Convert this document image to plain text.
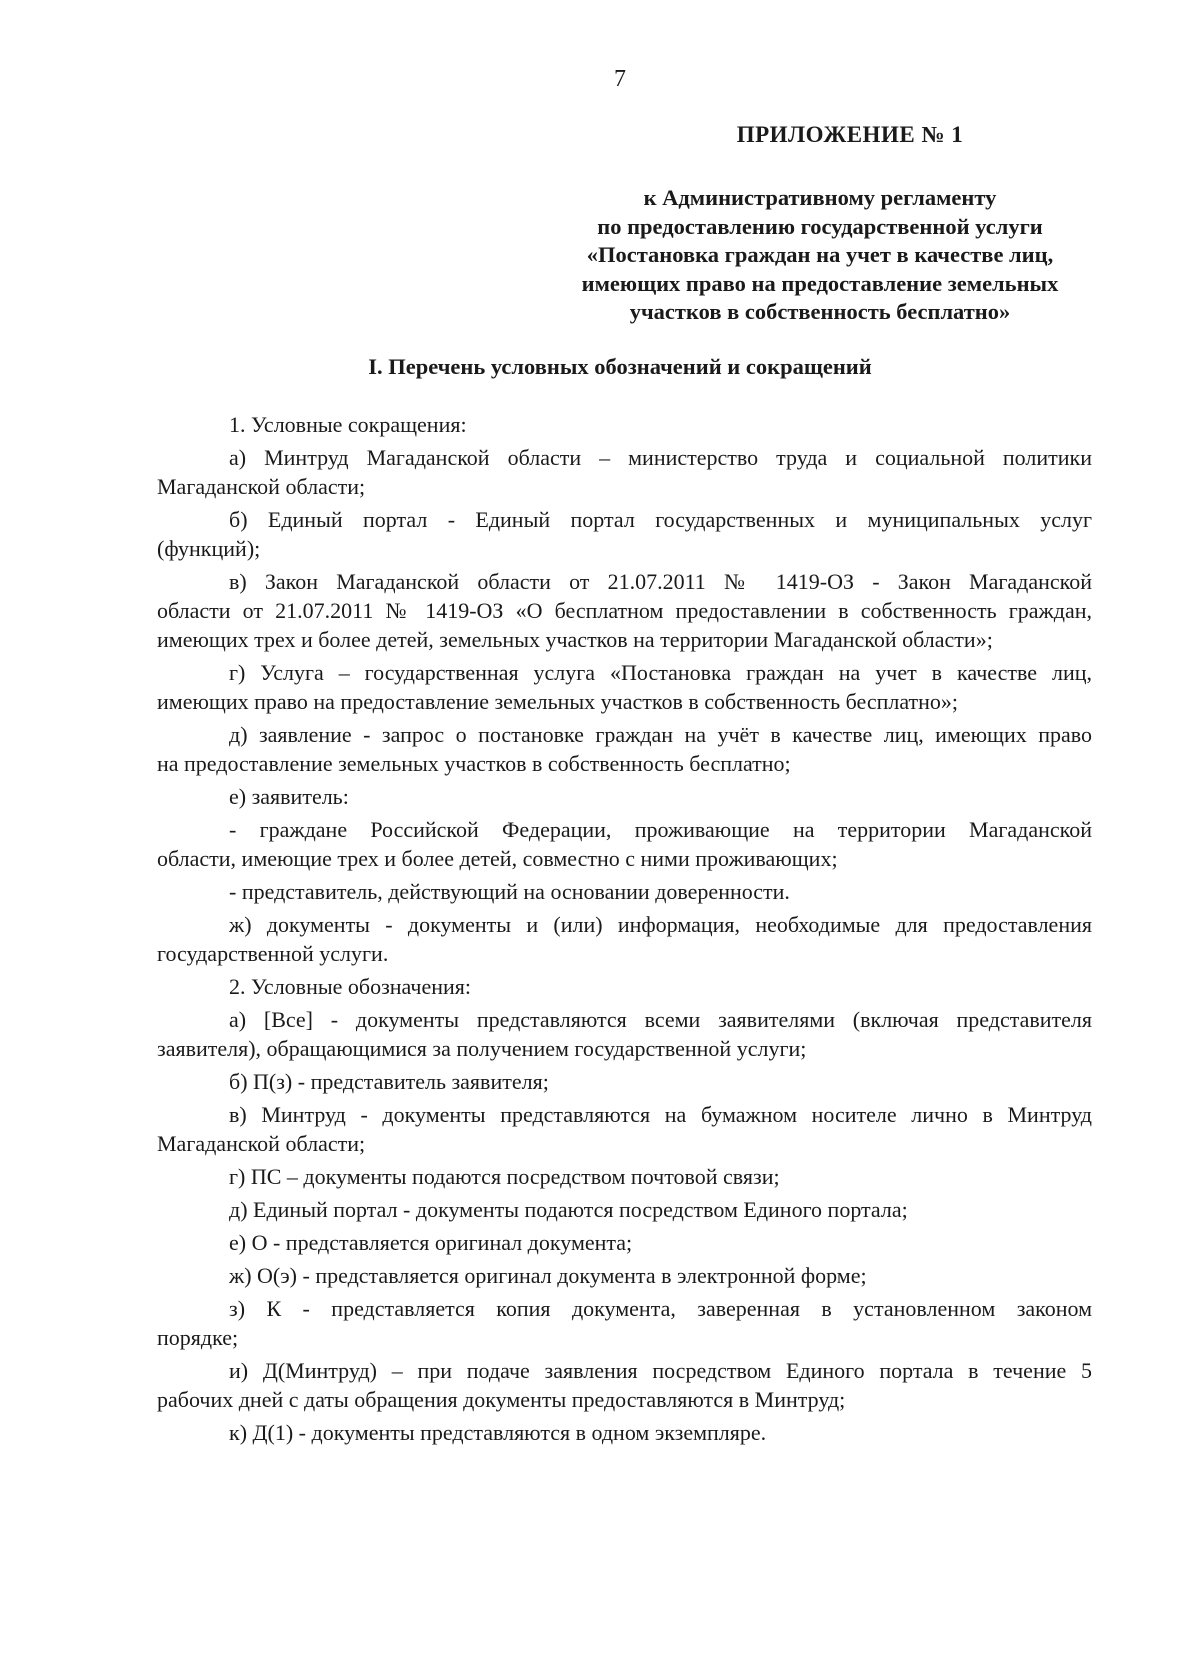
7
ПРИЛОЖЕНИЕ № 1
к Административному регламенту
по предоставлению государственной услуги
«Постановка граждан на учет в качестве лиц,
имеющих право на предоставление земельных
участков в собственность бесплатно»
I. Перечень условных обозначений и сокращений
1. Условные сокращения:
а) Минтруд Магаданской области – министерство труда и социальной политики
Магаданской области;
б) Единый портал - Единый портал государственных и муниципальных услуг
(функций);
в) Закон Магаданской области от 21.07.2011 № 1419-ОЗ - Закон Магаданской
области от 21.07.2011 № 1419-ОЗ «О бесплатном предоставлении в собственность граждан,
имеющих трех и более детей, земельных участков на территории Магаданской области»;
г) Услуга – государственная услуга «Постановка граждан на учет в качестве лиц,
имеющих право на предоставление земельных участков в собственность бесплатно»;
д) заявление - запрос о постановке граждан на учёт в качестве лиц, имеющих право
на предоставление земельных участков в собственность бесплатно;
е) заявитель:
- граждане Российской Федерации, проживающие на территории Магаданской
области, имеющие трех и более детей, совместно с ними проживающих;
- представитель, действующий на основании доверенности.
ж) документы - документы и (или) информация, необходимые для предоставления
государственной услуги.
2. Условные обозначения:
а) [Все] - документы представляются всеми заявителями (включая представителя
заявителя), обращающимися за получением государственной услуги;
б) П(з) - представитель заявителя;
в) Минтруд - документы представляются на бумажном носителе лично в Минтруд
Магаданской области;
г) ПС – документы подаются посредством почтовой связи;
д) Единый портал - документы подаются посредством Единого портала;
е) О - представляется оригинал документа;
ж) О(э) - представляется оригинал документа в электронной форме;
з) К - представляется копия документа, заверенная в установленном законом
порядке;
и) Д(Минтруд) – при подаче заявления посредством Единого портала в течение 5
рабочих дней с даты обращения документы предоставляются в Минтруд;
к) Д(1) - документы представляются в одном экземпляре.
